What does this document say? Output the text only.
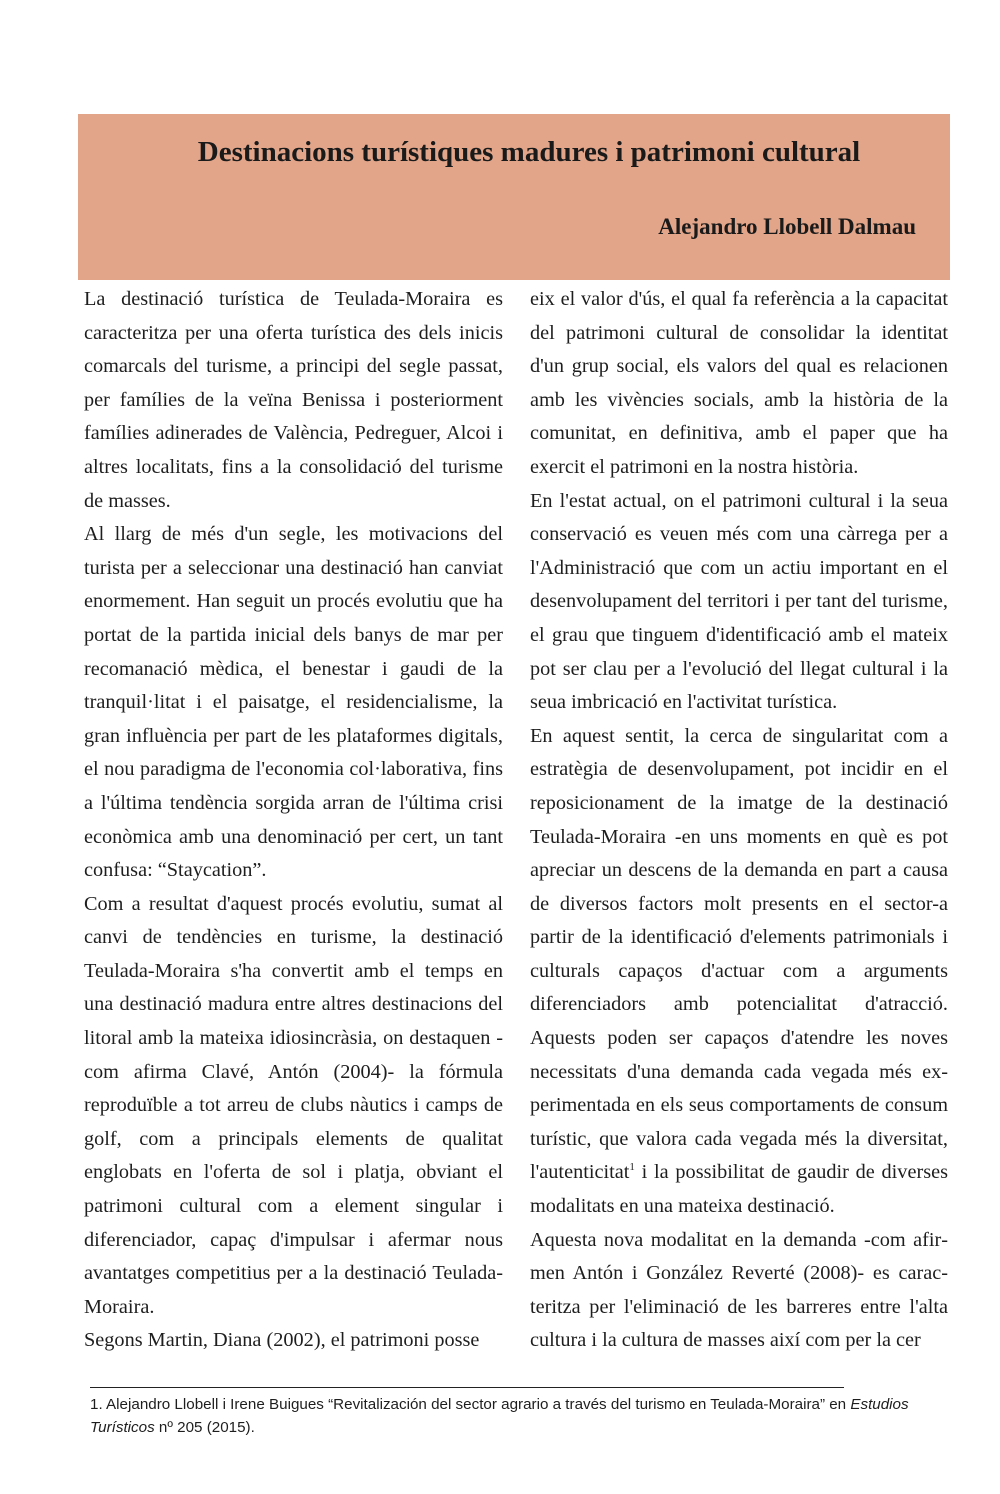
Destinacions turístiques madures i patrimoni cultural

Alejandro Llobell Dalmau

La destinació turística de Teulada-Moraira es caracteritza per una oferta turística des dels inicis comarcals del turisme, a principi del segle passat, per famílies de la veïna Benissa i posteriorment famílies adinerades de València, Pedreguer, Alcoi i altres localitats, fins a la consolidació del turisme de masses.

Al llarg de més d'un segle, les motivacions del turista per a seleccionar una destinació han canviat enormement. Han seguit un procés evolutiu que ha portat de la partida inicial dels banys de mar per recomanació mèdica, el benestar i gaudi de la tranquil·litat i el paisatge, el residencialisme, la gran influència per part de les plataformes digitals, el nou paradigma de l'economia col·laborativa, fins a l'última tendència sorgida arran de l'última crisi econòmica amb una denominació per cert, un tant confusa: “Staycation”.

Com a resultat d'aquest procés evolutiu, sumat al canvi de tendències en turisme, la destinació Teulada-Moraira s'ha convertit amb el temps en una destinació madura entre altres destinacions del litoral amb la mateixa idiosincràsia, on destaquen -com afirma Clavé, Antón (2004)- la fórmula reproduïble a tot arreu de clubs nàutics i camps de golf, com a principals elements de qualitat englobats en l'oferta de sol i platja, obviant el patrimoni cultural com a element singular i diferenciador, capaç d'impulsar i afermar nous avantatges competitius per a la destinació Teulada-Moraira.

Segons Martin, Diana (2002), el patrimoni posse

eix el valor d'ús, el qual fa referència a la capacitat del patrimoni cultural de consolidar la identitat d'un grup social, els valors del qual es relacionen amb les vivències socials, amb la història de la comunitat, en definitiva, amb el paper que ha exercit el patrimoni en la nostra història.

En l'estat actual, on el patrimoni cultural i la seua conservació es veuen més com una càrrega per a l'Administració que com un actiu important en el desenvolupament del territori i per tant del turisme, el grau que tinguem d'identificació amb el mateix pot ser clau per a l'evolució del llegat cultural i la seua imbricació en l'activitat turística.

En aquest sentit, la cerca de singularitat com a estratègia de desenvolupament, pot incidir en el reposicionament de la imatge de la destinació Teulada-Moraira -en uns moments en què es pot apreciar un descens de la demanda en part a causa de diversos factors molt presents en el sector-a partir de la identificació d'elements patrimonials i culturals capaços d'actuar com a arguments diferenciadors amb potencialitat d'atracció. Aquests poden ser capaços d'atendre les noves necessitats d'una demanda cada vegada més experimentada en els seus comportaments de consum turístic, que valora cada vegada més la diversitat, l'autenticitat$^1$ i la possibilitat de gaudir de diverses modalitats en una mateixa destinació.

Aquesta nova modalitat en la demanda -com afirmen Antón i González Reverté (2008)- es caracteritza per l'eliminació de les barreres entre l'alta cultura i la cultura de masses així com per la cer

1. Alejandro Llobell i Irene Buigues “Revitalización del sector agrario a través del turismo en Teulada-Moraira” en Estudios Turísticos nº 205 (2015).
